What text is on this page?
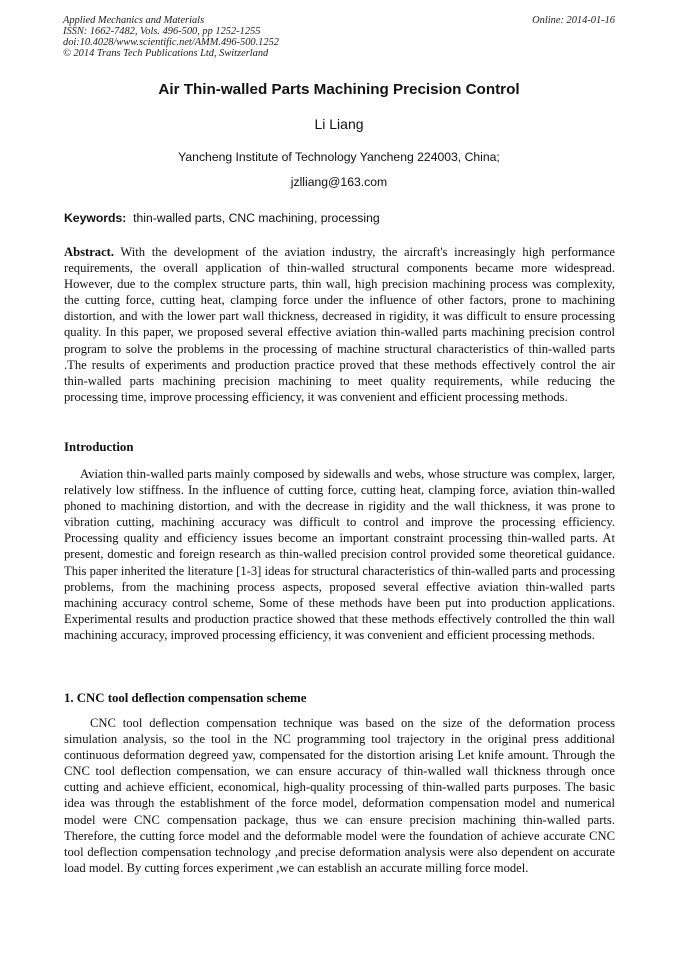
Applied Mechanics and Materials
ISSN: 1662-7482, Vols. 496-500, pp 1252-1255
doi:10.4028/www.scientific.net/AMM.496-500.1252
© 2014 Trans Tech Publications Ltd, Switzerland
Online: 2014-01-16
Air Thin-walled Parts Machining Precision Control
Li Liang
Yancheng Institute of Technology Yancheng 224003, China;
jzlliang@163.com
Keywords: thin-walled parts, CNC machining, processing
Abstract. With the development of the aviation industry, the aircraft's increasingly high performance requirements, the overall application of thin-walled structural components became more widespread. However, due to the complex structure parts, thin wall, high precision machining process was complexity, the cutting force, cutting heat, clamping force under the influence of other factors, prone to machining distortion, and with the lower part wall thickness, decreased in rigidity, it was difficult to ensure processing quality. In this paper, we proposed several effective aviation thin-walled parts machining precision control program to solve the problems in the processing of machine structural characteristics of thin-walled parts .The results of experiments and production practice proved that these methods effectively control the air thin-walled parts machining precision machining to meet quality requirements, while reducing the processing time, improve processing efficiency, it was convenient and efficient processing methods.
Introduction
Aviation thin-walled parts mainly composed by sidewalls and webs, whose structure was complex, larger, relatively low stiffness. In the influence of cutting force, cutting heat, clamping force, aviation thin-walled phoned to machining distortion, and with the decrease in rigidity and the wall thickness, it was prone to vibration cutting, machining accuracy was difficult to control and improve the processing efficiency. Processing quality and efficiency issues become an important constraint processing thin-walled parts. At present, domestic and foreign research as thin-walled precision control provided some theoretical guidance. This paper inherited the literature [1-3] ideas for structural characteristics of thin-walled parts and processing problems, from the machining process aspects, proposed several effective aviation thin-walled parts machining accuracy control scheme, Some of these methods have been put into production applications. Experimental results and production practice showed that these methods effectively controlled the thin wall machining accuracy, improved processing efficiency, it was convenient and efficient processing methods.
1. CNC tool deflection compensation scheme
CNC tool deflection compensation technique was based on the size of the deformation process simulation analysis, so the tool in the NC programming tool trajectory in the original press additional continuous deformation degreed yaw, compensated for the distortion arising Let knife amount. Through the CNC tool deflection compensation, we can ensure accuracy of thin-walled wall thickness through once cutting and achieve efficient, economical, high-quality processing of thin-walled parts purposes. The basic idea was through the establishment of the force model, deformation compensation model and numerical model were CNC compensation package, thus we can ensure precision machining thin-walled parts. Therefore, the cutting force model and the deformable model were the foundation of achieve accurate CNC tool deflection compensation technology ,and precise deformation analysis were also dependent on accurate load model. By cutting forces experiment ,we can establish an accurate milling force model.
